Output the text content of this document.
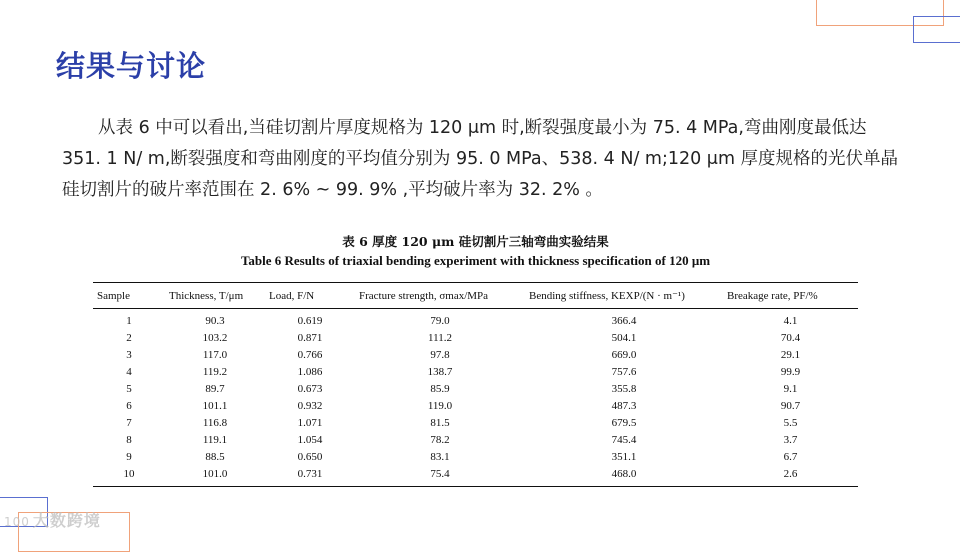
结果与讨论

从表 6 中可以看出,当硅切割片厚度规格为 120 μm 时,断裂强度最小为 75. 4 MPa,弯曲刚度最低达351. 1 N/ m,断裂强度和弯曲刚度的平均值分别为 95. 0 MPa、538. 4 N/ m;120 μm 厚度规格的光伏单晶硅切割片的破片率范围在 2. 6% ~ 99. 9% ,平均破片率为 32. 2% 。

表 6 厚度 120 μm 硅切割片三轴弯曲实验结果
Table 6 Results of triaxial bending experiment with thickness specification of 120 μm
Sample	Thickness, T/μm	Load, F/N	Fracture strength, σmax/MPa	Bending stiffness, KEXP/(N · m⁻¹)	Breakage rate, PF/%
1	90.3	0.619	79.0	366.4	4.1
2	103.2	0.871	111.2	504.1	70.4
3	117.0	0.766	97.8	669.0	29.1
4	119.2	1.086	138.7	757.6	99.9
5	89.7	0.673	85.9	355.8	9.1
6	101.1	0.932	119.0	487.3	90.7
7	116.8	1.071	81.5	679.5	5.5
8	119.1	1.054	78.2	745.4	3.7
9	88.5	0.650	83.1	351.1	6.7
10	101.0	0.731	75.4	468.0	2.6
100 大数跨境
